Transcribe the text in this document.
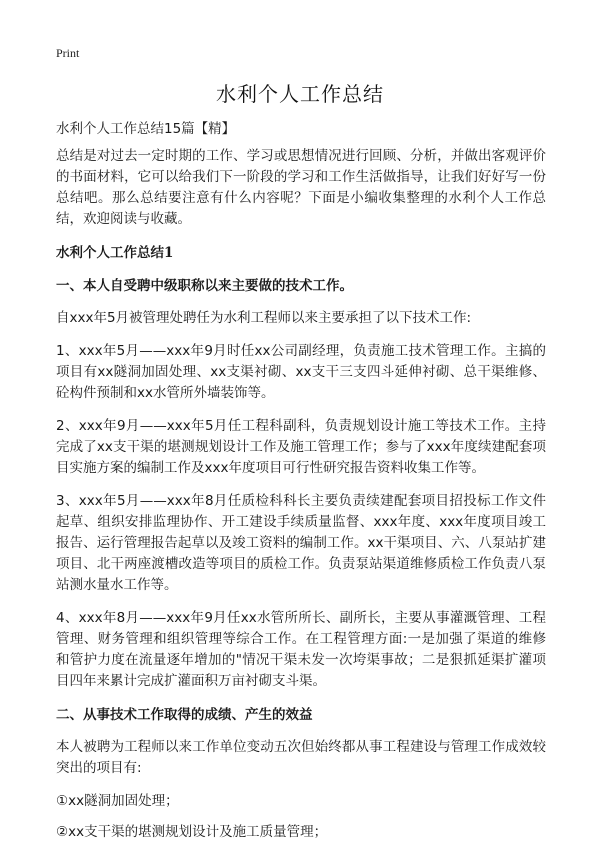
Print
水利个人工作总结

水利个人工作总结15篇【精】

总结是对过去一定时期的工作、学习或思想情况进行回顾、分析，并做出客观评价的书面材料，它可以给我们下一阶段的学习和工作生活做指导，让我们好好写一份总结吧。那么总结要注意有什么内容呢？下面是小编收集整理的水利个人工作总结，欢迎阅读与收藏。

水利个人工作总结1

一、本人自受聘中级职称以来主要做的技术工作。

自xxx年5月被管理处聘任为水利工程师以来主要承担了以下技术工作:

1、xxx年5月——xxx年9月时任xx公司副经理，负责施工技术管理工作。主搞的项目有xx隧洞加固处理、xx支渠衬砌、xx支干三支四斗延伸衬砌、总干渠维修、砼构件预制和xx水管所外墙装饰等。

2、xxx年9月——xxx年5月任工程科副科，负责规划设计施工等技术工作。主持完成了xx支干渠的堪测规划设计工作及施工管理工作；参与了xxx年度续建配套项目实施方案的编制工作及xxx年度项目可行性研究报告资料收集工作等。

3、xxx年5月——xxx年8月任质检科科长主要负责续建配套项目招投标工作文件起草、组织安排监理协作、开工建设手续质量监督、xxx年度、xxx年度项目竣工报告、运行管理报告起草以及竣工资料的编制工作。xx干渠项目、六、八泵站扩建项目、北干两座渡槽改造等项目的质检工作。负责泵站渠道维修质检工作负责八泵站测水量水工作等。

4、xxx年8月——xxx年9月任xx水管所所长、副所长，主要从事灌溉管理、工程管理、财务管理和组织管理等综合工作。在工程管理方面:一是加强了渠道的维修和管护力度在流量逐年增加的"情况干渠未发一次垮渠事故；二是狠抓延渠扩灌项目四年来累计完成扩灌面积万亩衬砌支斗渠。

二、从事技术工作取得的成绩、产生的效益

本人被聘为工程师以来工作单位变动五次但始终都从事工程建设与管理工作成效较突出的项目有:

①xx隧洞加固处理；

②xx支干渠的堪测规划设计及施工质量管理；
